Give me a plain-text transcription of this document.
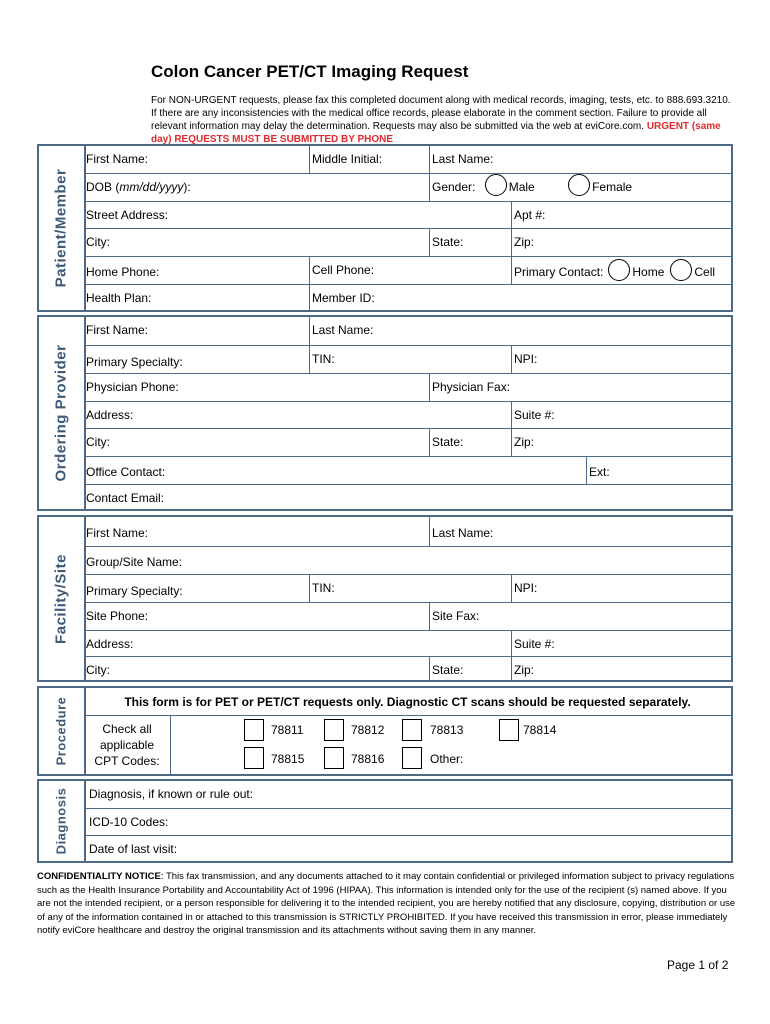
Colon Cancer PET/CT Imaging Request
For NON-URGENT requests, please fax this completed document along with medical records, imaging, tests, etc. to 888.693.3210. If there are any inconsistencies with the medical office records, please elaborate in the comment section. Failure to provide all relevant information may delay the determination. Requests may also be submitted via the web at eviCore.com. URGENT (same day) REQUESTS MUST BE SUBMITTED BY PHONE
Patient/Member
First Name:	Middle Initial:	Last Name:
DOB (mm/dd/yyyy):	Gender:	Male	Female
Street Address:	Apt #:
City:	State:	Zip:
Home Phone:	Cell Phone:	Primary Contact: Home	Cell
Health Plan:	Member ID:
Ordering Provider
First Name:	Last Name:
Primary Specialty:	TIN:	NPI:
Physician Phone:	Physician Fax:
Address:	Suite #:
City:	State:	Zip:
Office Contact:	Ext:
Contact Email:
Facility/Site
First Name:	Last Name:
Group/Site Name:
Primary Specialty:	TIN:	NPI:
Site Phone:	Site Fax:
Address:	Suite #:
City:	State:	Zip:
Procedure	This form is for PET or PET/CT requests only. Diagnostic CT scans should be requested separately.
Check all
applicable
CPT Codes:
78811	78812	78813	78814
78815	78816	Other:
Diagnosis	Diagnosis, if known or rule out:
ICD-10 Codes:
Date of last visit:
CONFIDENTIALITY NOTICE: This fax transmission, and any documents attached to it may contain confidential or privileged information subject to privacy regulations such as the Health Insurance Portability and Accountability Act of 1996 (HIPAA). This information is intended only for the use of the recipient (s) named above. If you are not the intended recipient, or a person responsible for delivering it to the intended recipient, you are hereby notified that any disclosure, copying, distribution or use of any of the information contained in or attached to this transmission is STRICTLY PROHIBITED. If you have received this transmission in error, please immediately notify eviCore healthcare and destroy the original transmission and its attachments without saving them in any manner.
Page 1 of 2
